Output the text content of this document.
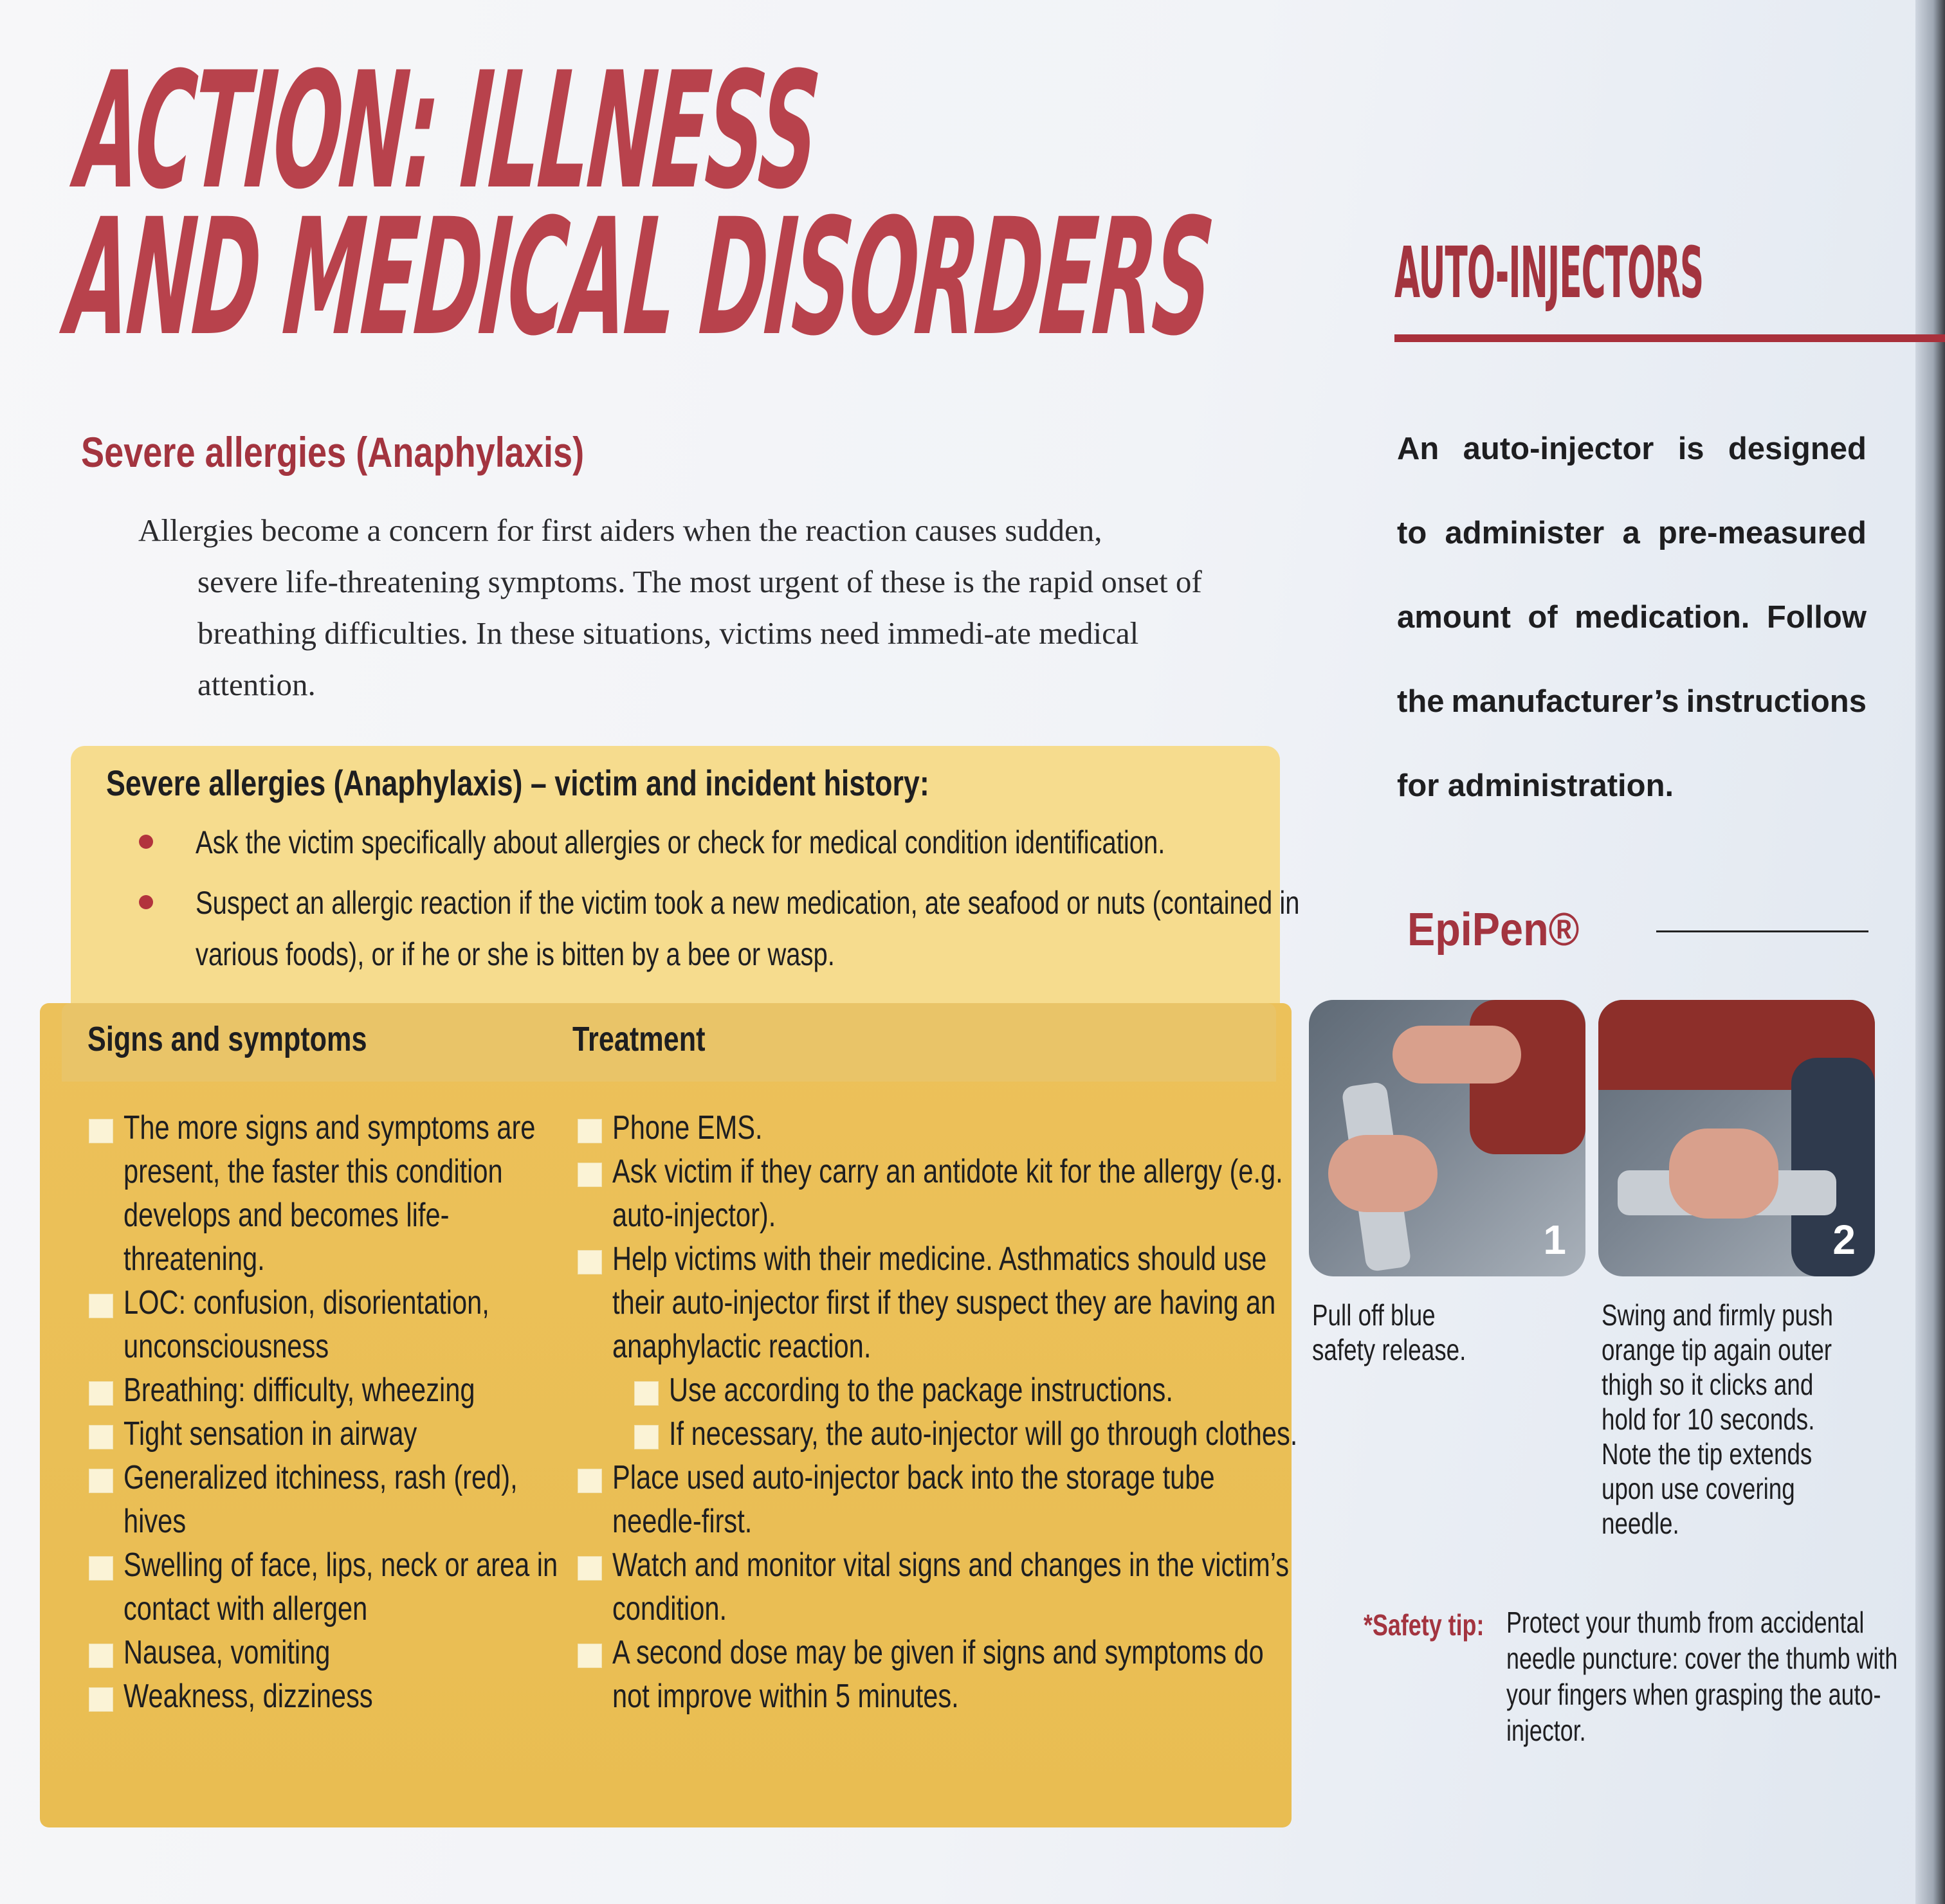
ACTION: ILLNESS
AND MEDICAL DISORDERS
Severe allergies (Anaphylaxis)
Allergies become a concern for first aiders when the reaction causes sudden,
severe life-threatening symptoms. The most urgent of these is the rapid onset of breathing difficulties. In these situations, victims need immedi-ate medical attention.
Severe allergies (Anaphylaxis) – victim and incident history:
Ask the victim specifically about allergies or check for medical condition identification.
Suspect an allergic reaction if the victim took a new medication, ate seafood or nuts (contained in various foods), or if he or she is bitten by a bee or wasp.
Signs and symptoms	Treatment
The more signs and symptoms are present, the faster this condition develops and becomes life-threatening.
LOC: confusion, disorientation, unconsciousness
Breathing: difficulty, wheezing
Tight sensation in airway
Generalized itchiness, rash (red), hives
Swelling of face, lips, neck or area in contact with allergen
Nausea, vomiting
Weakness, dizziness
Phone EMS.
Ask victim if they carry an antidote kit for the allergy (e.g. auto-injector).
Help victims with their medicine. Asthmatics should use their auto-injector first if they suspect they are having an anaphylactic reaction.
Use according to the package instructions.
If necessary, the auto-injector will go through clothes.
Place used auto-injector back into the storage tube needle-first.
Watch and monitor vital signs and changes in the victim’s condition.
A second dose may be given if signs and symptoms do not improve within 5 minutes.
AUTO-INJECTORS
An auto-injector is designed
to administer a pre-measured
amount of medication. Follow
the manufacturer’s instructions
for administration.
EpiPen®
1	2
Pull off blue safety release.
Swing and firmly push orange tip again outer thigh so it clicks and hold for 10 seconds. Note the tip extends upon use covering needle.
*Safety tip: Protect your thumb from accidental needle puncture: cover the thumb with your fingers when grasping the auto-injector.
